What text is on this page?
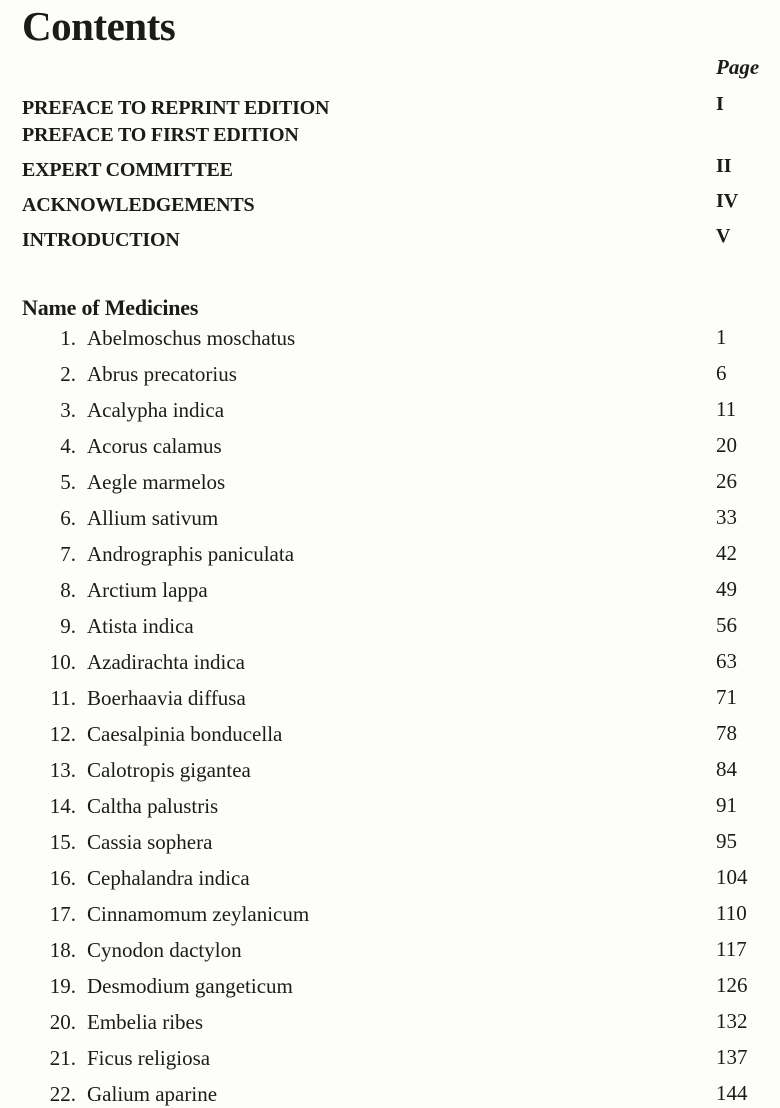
Contents
Page
PREFACE TO REPRINT EDITION	I
PREFACE TO FIRST EDITION
EXPERT COMMITTEE	II
ACKNOWLEDGEMENTS	IV
INTRODUCTION	V
Name of Medicines
1. Abelmoschus moschatus	1
2. Abrus precatorius	6
3. Acalypha indica	11
4. Acorus calamus	20
5. Aegle marmelos	26
6. Allium sativum	33
7. Andrographis paniculata	42
8. Arctium lappa	49
9. Atista indica	56
10. Azadirachta indica	63
11. Boerhaavia diffusa	71
12. Caesalpinia bonducella	78
13. Calotropis gigantea	84
14. Caltha palustris	91
15. Cassia sophera	95
16. Cephalandra indica	104
17. Cinnamomum zeylanicum	110
18. Cynodon dactylon	117
19. Desmodium gangeticum	126
20. Embelia ribes	132
21. Ficus religiosa	137
22. Galium aparine	144
